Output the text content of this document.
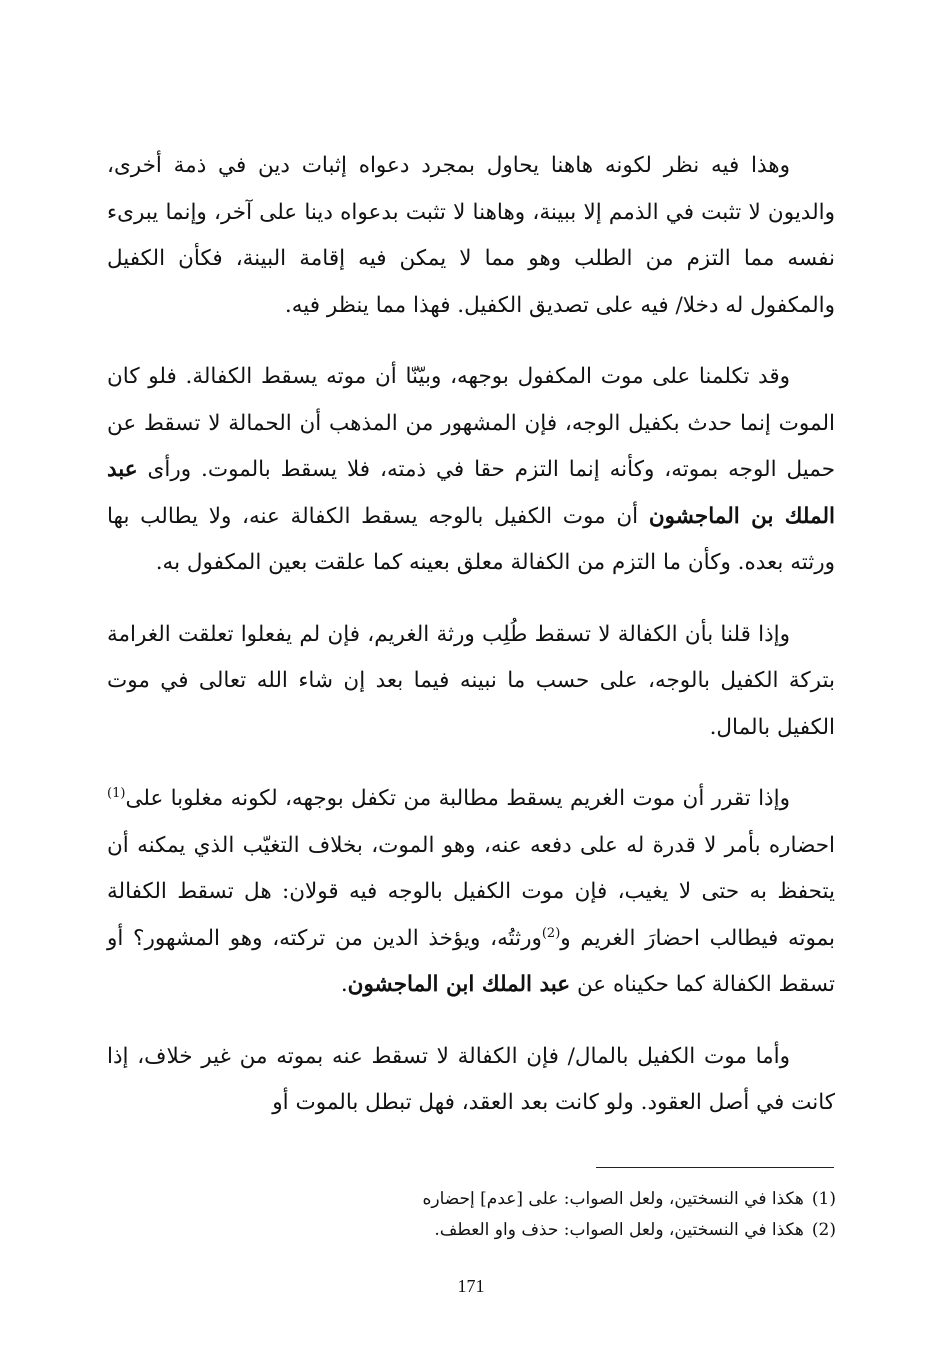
وهذا فيه نظر لكونه هاهنا يحاول بمجرد دعواه إثبات دين في ذمة أخرى، والديون لا تثبت في الذمم إلا ببينة، وهاهنا لا تثبت بدعواه دينا على آخر، وإنما يبرىء نفسه مما التزم من الطلب وهو مما لا يمكن فيه إقامة البينة، فكأن الكفيل والمكفول له دخلا/ فيه على تصديق الكفيل. فهذا مما ينظر فيه.

وقد تكلمنا على موت المكفول بوجهه، وبيّنّا أن موته يسقط الكفالة. فلو كان الموت إنما حدث بكفيل الوجه، فإن المشهور من المذهب أن الحمالة لا تسقط عن حميل الوجه بموته، وكأنه إنما التزم حقا في ذمته، فلا يسقط بالموت. ورأى عبد الملك بن الماجشون أن موت الكفيل بالوجه يسقط الكفالة عنه، ولا يطالب بها ورثته بعده. وكأن ما التزم من الكفالة معلق بعينه كما علقت بعين المكفول به.

وإذا قلنا بأن الكفالة لا تسقط طُلِب ورثة الغريم، فإن لم يفعلوا تعلقت الغرامة بتركة الكفيل بالوجه، على حسب ما نبينه فيما بعد إن شاء الله تعالى في موت الكفيل بالمال.

وإذا تقرر أن موت الغريم يسقط مطالبة من تكفل بوجهه، لكونه مغلوبا على$^{(1)}$ احضاره بأمر لا قدرة له على دفعه عنه، وهو الموت، بخلاف التغيّب الذي يمكنه أن يتحفظ به حتى لا يغيب، فإن موت الكفيل بالوجه فيه قولان: هل تسقط الكفالة بموته فيطالب احضارَ الغريم و$^{(2)}$ورثتُه، ويؤخذ الدين من تركته، وهو المشهور؟ أو تسقط الكفالة كما حكيناه عن عبد الملك ابن الماجشون.

وأما موت الكفيل بالمال/ فإن الكفالة لا تسقط عنه بموته من غير خلاف، إذا كانت في أصل العقود. ولو كانت بعد العقد، فهل تبطل بالموت أو

(1)هكذا في النسختين، ولعل الصواب: على [عدم] إحضاره

(2)هكذا في النسختين، ولعل الصواب: حذف واو العطف.

171
